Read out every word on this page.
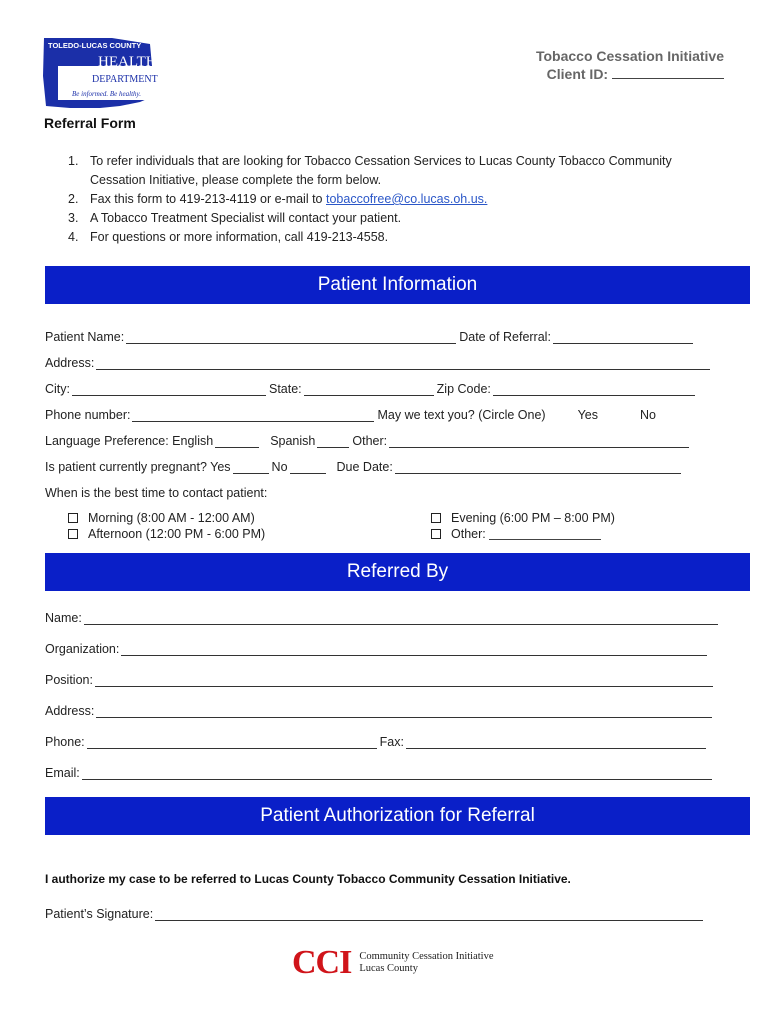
TOLEDO-LUCAS COUNTY
HEALTH
DEPARTMENT
Be informed. Be healthy.
Tobacco Cessation Initiative
Client ID:
Referral Form
1. To refer individuals that are looking for Tobacco Cessation Services to Lucas County Tobacco Community Cessation Initiative, please complete the form below.
2. Fax this form to 419-213-4119 or e-mail to tobaccofree@co.lucas.oh.us.
3. A Tobacco Treatment Specialist will contact your patient.
4. For questions or more information, call 419-213-4558.
Patient Information
Patient Name:	Date of Referral:
Address:
City:	State:	Zip Code:
Phone number:	May we text you? (Circle One)	Yes	No
Language Preference: English	Spanish	Other:
Is patient currently pregnant? Yes	No	Due Date:
When is the best time to contact patient:
Morning (8:00 AM - 12:00 AM)
Afternoon (12:00 PM - 6:00 PM)
Evening (6:00 PM – 8:00 PM)
Other:
Referred By
Name:
Organization:
Position:
Address:
Phone:	Fax:
Email:
Patient Authorization for Referral
I authorize my case to be referred to Lucas County Tobacco Community Cessation Initiative.
Patient’s Signature:
CCI Community Cessation Initiative
Lucas County
